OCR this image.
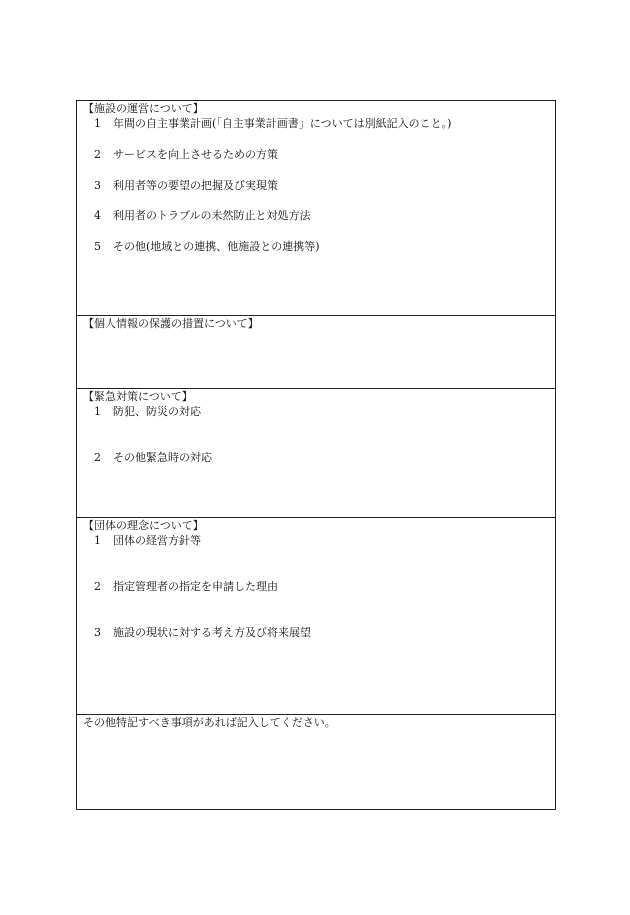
【施設の運営について】

1 年間の自主事業計画(「自主事業計画書」については別紙記入のこと。)
2 サービスを向上させるための方策
3 利用者等の要望の把握及び実現策
4 利用者のトラブルの未然防止と対処方法
5 その他(地域との連携、他施設との連携等)

【個人情報の保護の措置について】

【緊急対策について】

1 防犯、防災の対応
2 その他緊急時の対応

【団体の理念について】

1 団体の経営方針等
2 指定管理者の指定を申請した理由
3 施設の現状に対する考え方及び将来展望

その他特記すべき事項があれば記入してください。
